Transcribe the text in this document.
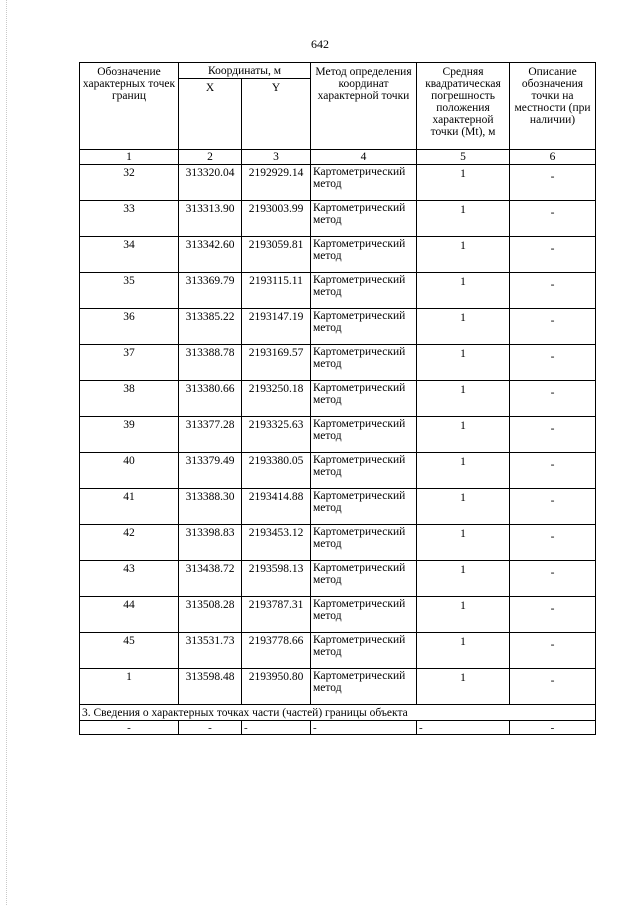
642
Обозначение характерных точек границ	Координаты, м		Метод определения координат характерной точки	Средняя квадратическая погрешность положения характерной точки (Mt), м	Описание обозначения точки на местности (при наличии)
	X	Y			
1	2	3	4	5	6
32	313320.04	2192929.14	Картометрический метод	1	-
33	313313.90	2193003.99	Картометрический метод	1	-
34	313342.60	2193059.81	Картометрический метод	1	-
35	313369.79	2193115.11	Картометрический метод	1	-
36	313385.22	2193147.19	Картометрический метод	1	-
37	313388.78	2193169.57	Картометрический метод	1	-
38	313380.66	2193250.18	Картометрический метод	1	-
39	313377.28	2193325.63	Картометрический метод	1	-
40	313379.49	2193380.05	Картометрический метод	1	-
41	313388.30	2193414.88	Картометрический метод	1	-
42	313398.83	2193453.12	Картометрический метод	1	-
43	313438.72	2193598.13	Картометрический метод	1	-
44	313508.28	2193787.31	Картометрический метод	1	-
45	313531.73	2193778.66	Картометрический метод	1	-
1	313598.48	2193950.80	Картометрический метод	1	-
3. Сведения о характерных точках части (частей) границы объекта					
-	-	-	-	-	-
